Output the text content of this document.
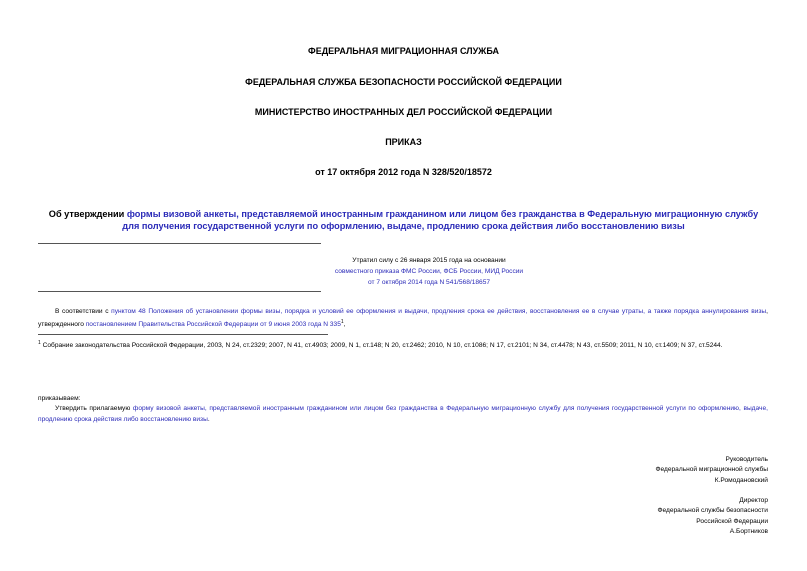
ФЕДЕРАЛЬНАЯ МИГРАЦИОННАЯ СЛУЖБА
ФЕДЕРАЛЬНАЯ СЛУЖБА БЕЗОПАСНОСТИ РОССИЙСКОЙ ФЕДЕРАЦИИ
МИНИСТЕРСТВО ИНОСТРАННЫХ ДЕЛ РОССИЙСКОЙ ФЕДЕРАЦИИ
ПРИКАЗ
от 17 октября 2012 года N 328/520/18572
Об утверждении формы визовой анкеты, представляемой иностранным гражданином или лицом без гражданства в Федеральную миграционную службу для получения государственной услуги по оформлению, выдаче, продлению срока действия либо восстановлению визы
Утратил силу с 26 января 2015 года на основании
совместного приказа ФМС России, ФСБ России, МИД России
от 7 октября 2014 года N 541/568/18657
В соответствии с пунктом 48 Положения об установлении формы визы, порядка и условий ее оформления и выдачи, продления срока ее действия, восстановления ее в случае утраты, а также порядка аннулирования визы, утвержденного постановлением Правительства Российской Федерации от 9 июня 2003 года N $335^1$,
$^1$ Собрание законодательства Российской Федерации, 2003, N 24, ст.2329; 2007, N 41, ст.4903; 2009, N 1, ст.148; N 20, ст.2462; 2010, N 10, ст.1086; N 17, ст.2101; N 34, ст.4478; N 43, ст.5509; 2011, N 10, ст.1409; N 37, ст.5244.
приказываем:
Утвердить прилагаемую форму визовой анкеты, представляемой иностранным гражданином или лицом без гражданства в Федеральную миграционную службу для получения государственной услуги по оформлению, выдаче, продлению срока действия либо восстановлению визы.
Руководитель
Федеральной миграционной службы
К.Ромодановский
Директор
Федеральной службы безопасности
Российской Федерации
А.Бортников
